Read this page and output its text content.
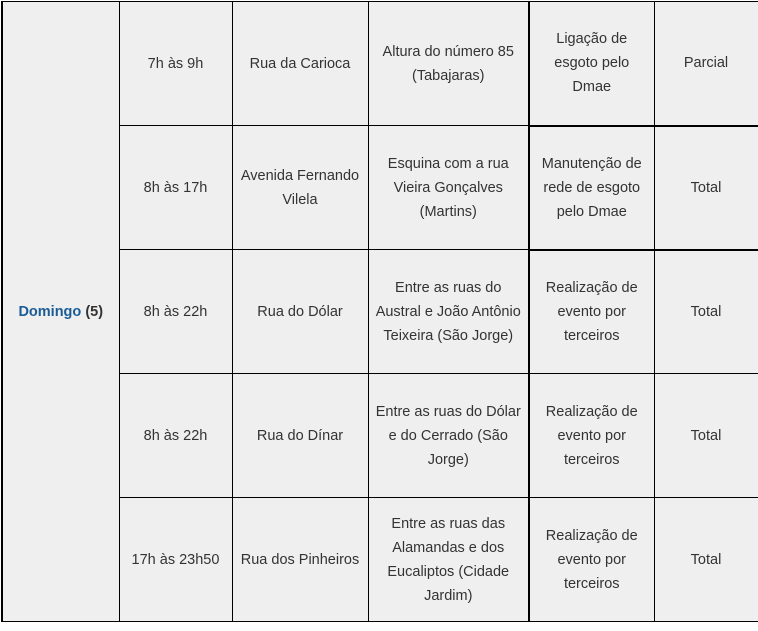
Domingo (5)	7h às 9h	Rua da Carioca	Altura do número 85 (Tabajaras)	Ligação de esgoto pelo Dmae	Parcial
	8h às 17h	Avenida Fernando Vilela	Esquina com a rua Vieira Gonçalves (Martins)	Manutenção de rede de esgoto pelo Dmae	Total
	8h às 22h	Rua do Dólar	Entre as ruas do Austral e João Antônio Teixeira (São Jorge)	Realização de evento por terceiros	Total
	8h às 22h	Rua do Dínar	Entre as ruas do Dólar e do Cerrado (São Jorge)	Realização de evento por terceiros	Total
	17h às 23h50	Rua dos Pinheiros	Entre as ruas das Alamandas e dos Eucaliptos (Cidade Jardim)	Realização de evento por terceiros	Total
